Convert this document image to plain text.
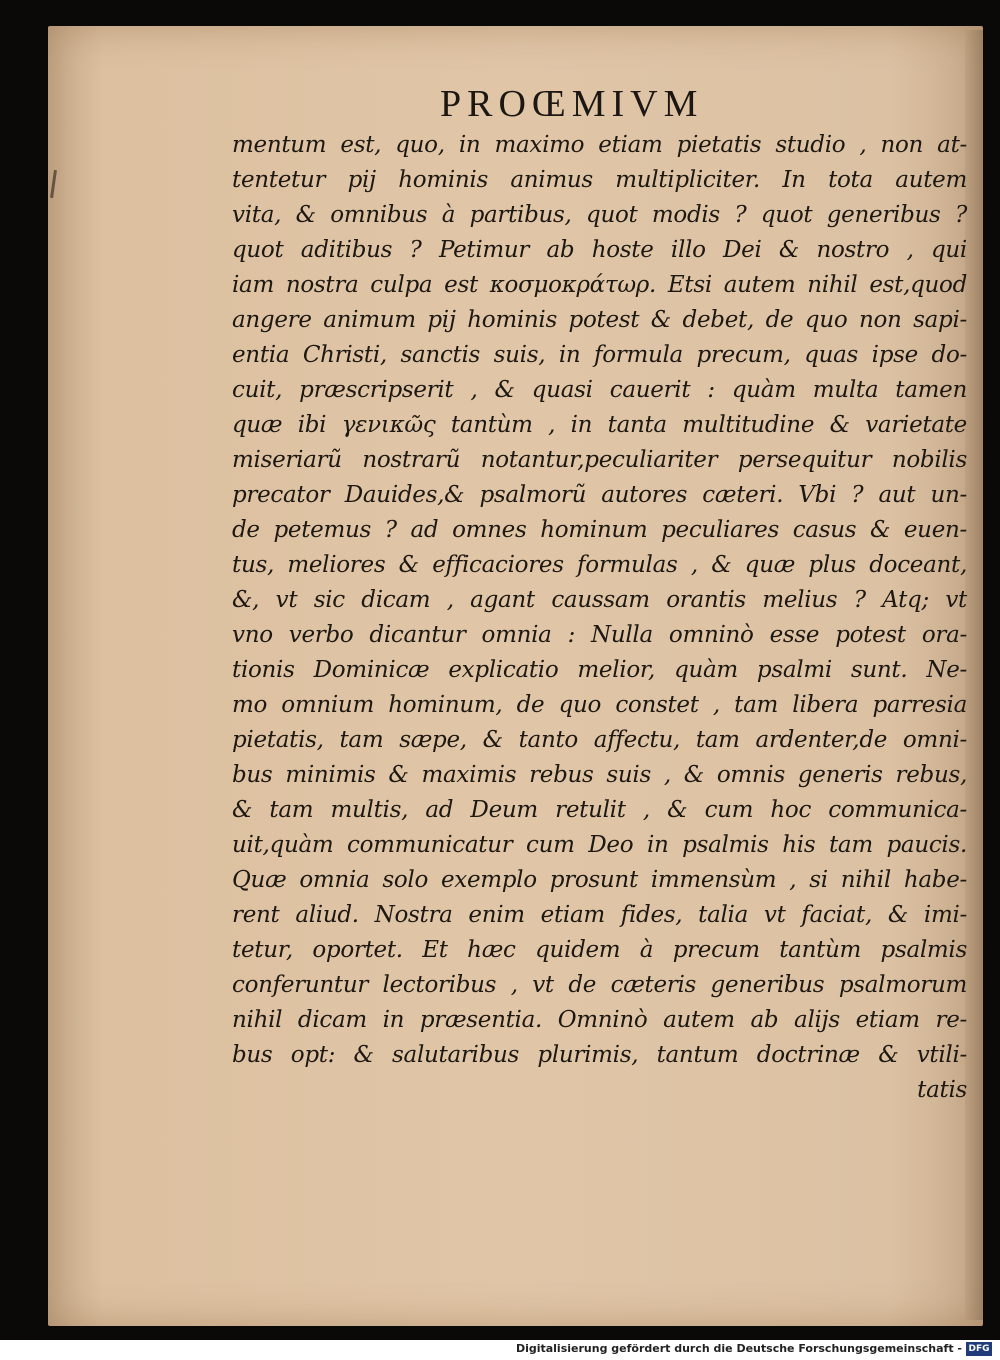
PROŒMIVM
mentum est, quo, in maximo etiam pietatis studio , non at-
tentetur pij hominis animus multipliciter. In tota autem
vita, & omnibus à partibus, quot modis ? quot generibus ?
quot aditibus ? Petimur ab hoste illo Dei & nostro , qui
iam nostra culpa est κοσμοκράτωρ. Etsi autem nihil est,quod
angere animum pij hominis potest & debet, de quo non sapi-
entia Christi, sanctis suis, in formula precum, quas ipse do-
cuit, præscripserit , & quasi cauerit : quàm multa tamen
quæ ibi γενικῶς tantùm , in tanta multitudine & varietate
miseriarũ nostrarũ notantur,peculiariter persequitur nobilis
precator Dauides,& psalmorũ autores cæteri. Vbi ? aut un-
de petemus ? ad omnes hominum peculiares casus & euen-
tus, meliores & efficaciores formulas , & quæ plus doceant,
&, vt sic dicam , agant caussam orantis melius ? Atq; vt
vno verbo dicantur omnia : Nulla omninò esse potest ora-
tionis Dominicæ explicatio melior, quàm psalmi sunt. Ne-
mo omnium hominum, de quo constet , tam libera parresia
pietatis, tam sæpe, & tanto affectu, tam ardenter,de omni-
bus minimis & maximis rebus suis , & omnis generis rebus,
& tam multis, ad Deum retulit , & cum hoc communica-
uit,quàm communicatur cum Deo in psalmis his tam paucis.
Quæ omnia solo exemplo prosunt immensùm , si nihil habe-
rent aliud. Nostra enim etiam fides, talia vt faciat, & imi-
tetur, oportet. Et hæc quidem à precum tantùm psalmis
conferuntur lectoribus , vt de cæteris generibus psalmorum
nihil dicam in præsentia. Omninò autem ab alijs etiam re-
bus opt: & salutaribus plurimis, tantum doctrinæ & vtili-
tatis
Digitalisierung gefördert durch die Deutsche Forschungsgemeinschaft - DFG
